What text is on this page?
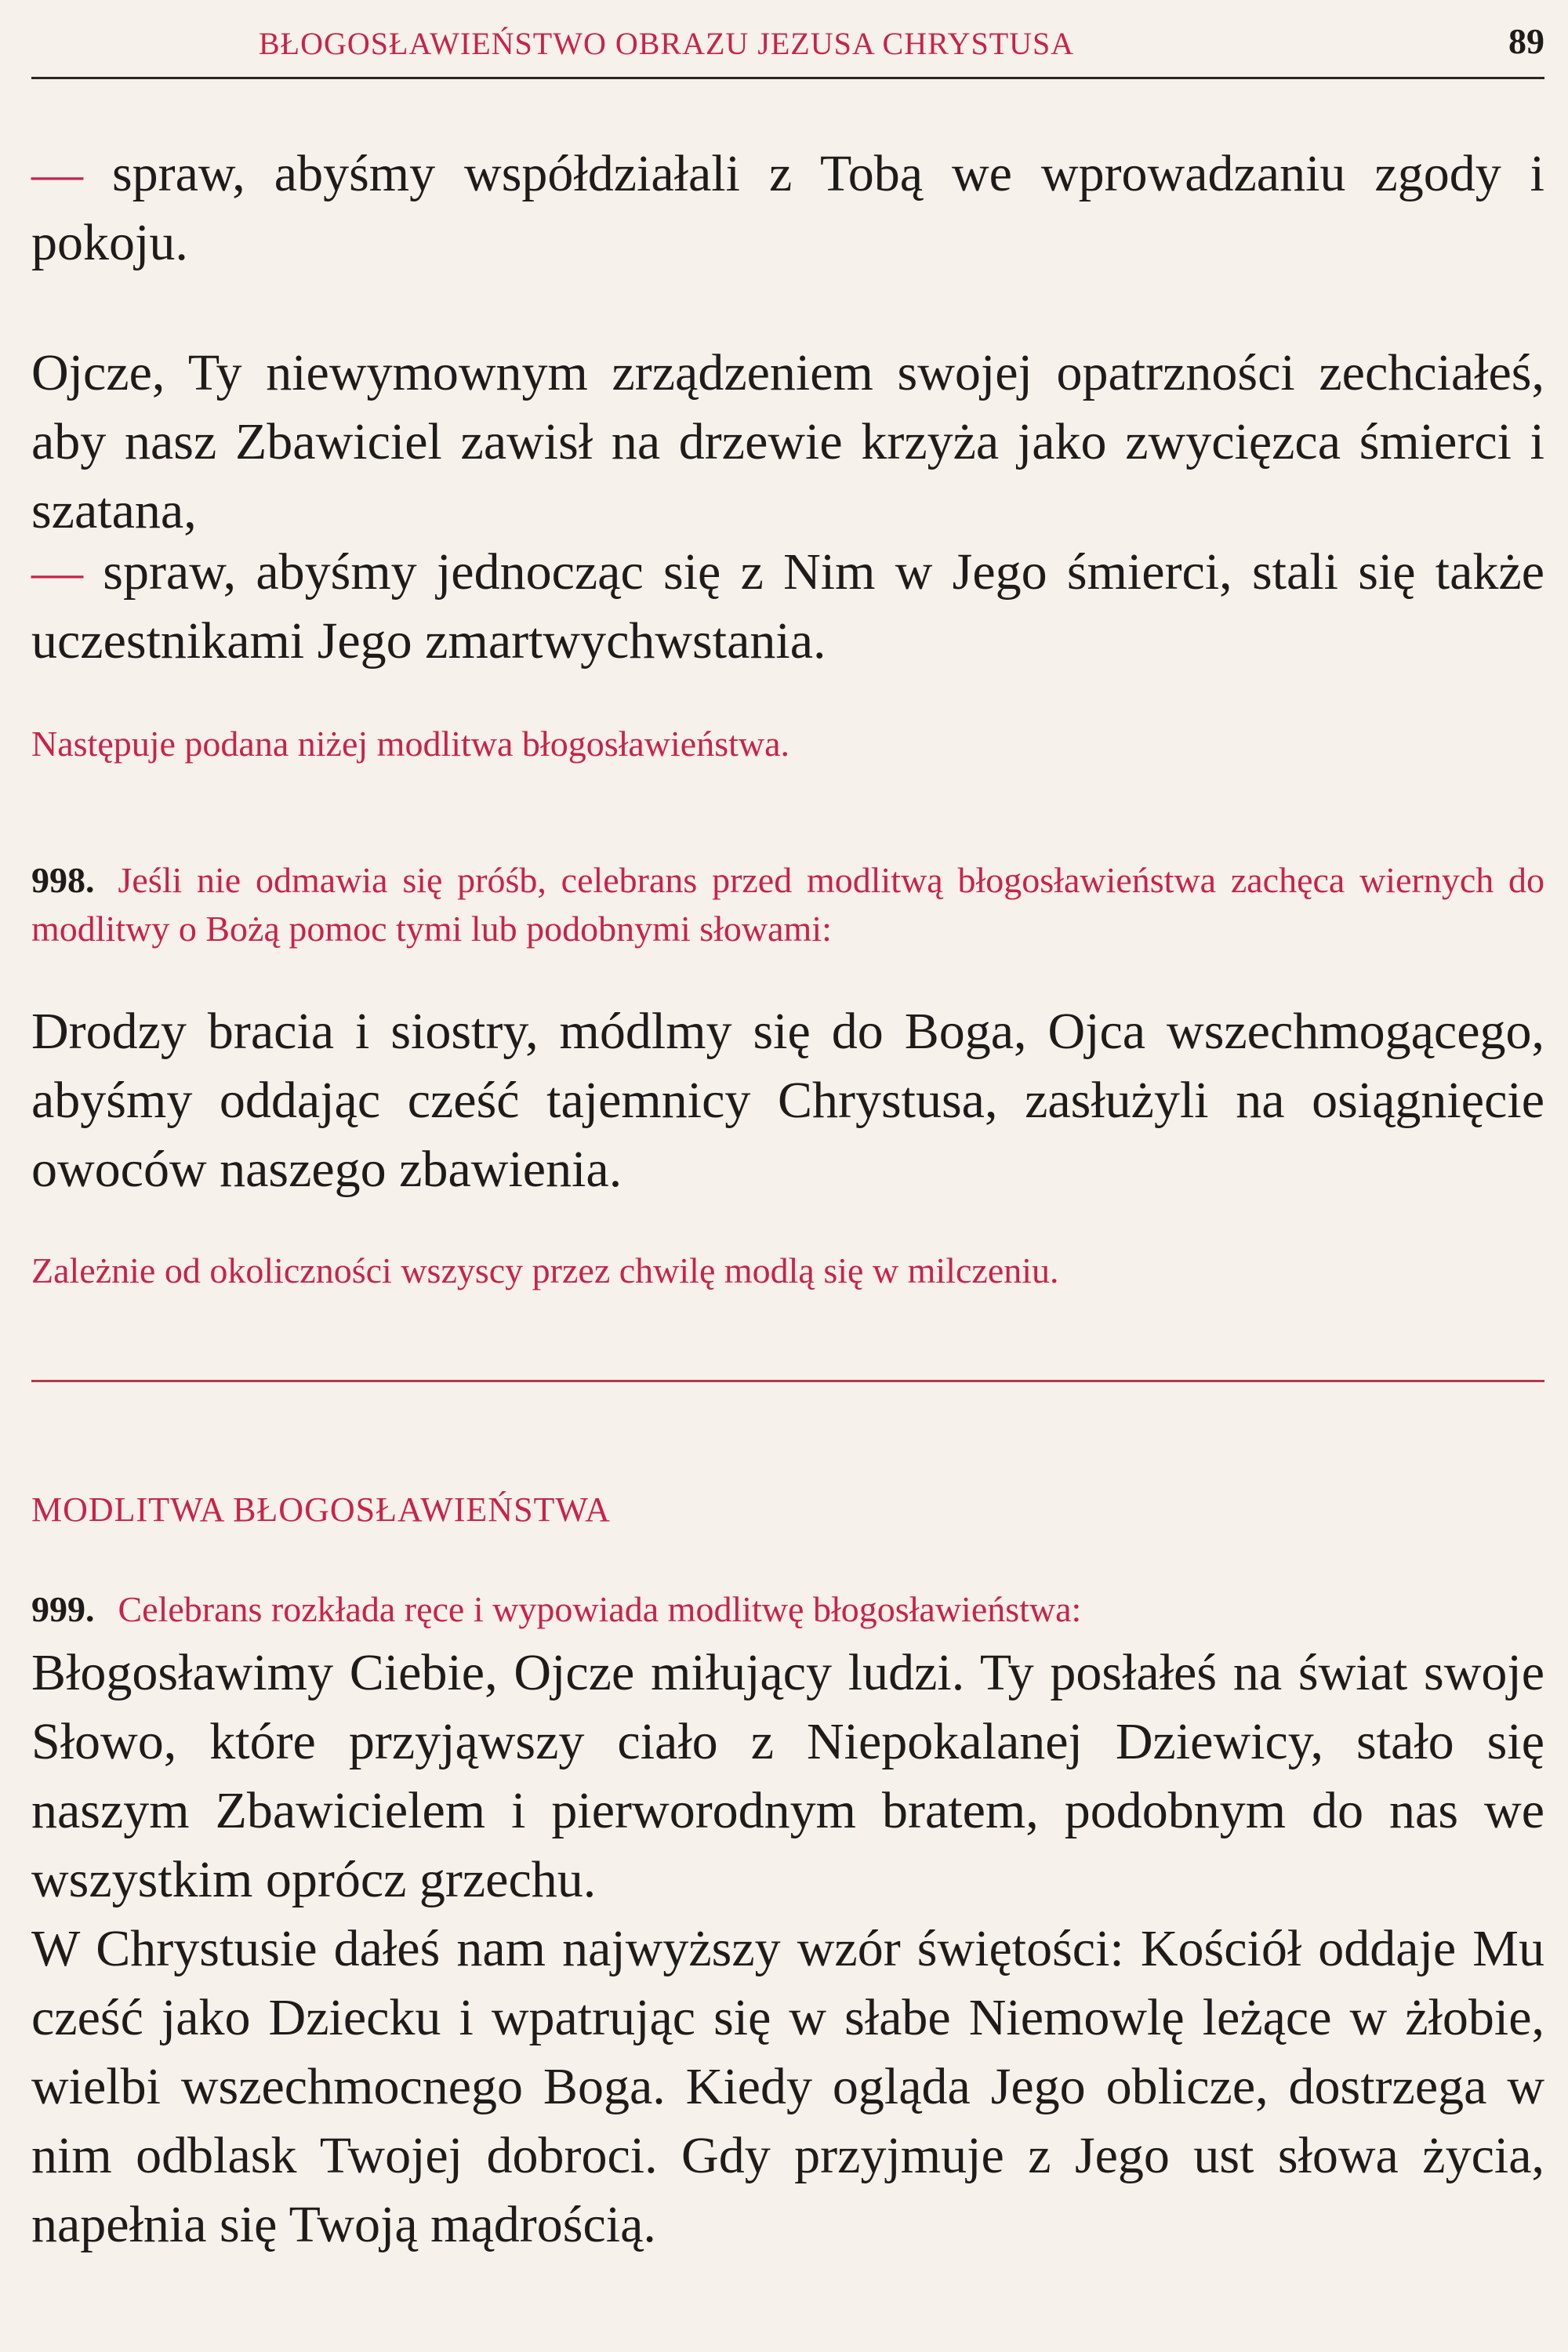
BŁOGOSŁAWIEŃSTWO OBRAZU JEZUSA CHRYSTUSA	89
— spraw, abyśmy współdziałali z Tobą we wprowadzaniu zgody i pokoju.
Ojcze, Ty niewymownym zrządzeniem swojej opatrzności zechciałeś, aby nasz Zbawiciel zawisł na drzewie krzyża jako zwycięzca śmierci i szatana,
— spraw, abyśmy jednocząc się z Nim w Jego śmierci, stali się także uczestnikami Jego zmartwychwstania.
Następuje podana niżej modlitwa błogosławieństwa.
998. Jeśli nie odmawia się próśb, celebrans przed modlitwą błogosławieństwa zachęca wiernych do modlitwy o Bożą pomoc tymi lub podobnymi słowami:
Drodzy bracia i siostry, módlmy się do Boga, Ojca wszechmogącego, abyśmy oddając cześć tajemnicy Chrystusa, zasłużyli na osiągnięcie owoców naszego zbawienia.
Zależnie od okoliczności wszyscy przez chwilę modlą się w milczeniu.
MODLITWA BŁOGOSŁAWIEŃSTWA
999. Celebrans rozkłada ręce i wypowiada modlitwę błogosławieństwa:
Błogosławimy Ciebie, Ojcze miłujący ludzi. Ty posłałeś na świat swoje Słowo, które przyjąwszy ciało z Niepokalanej Dziewicy, stało się naszym Zbawicielem i pierworodnym bratem, podobnym do nas we wszystkim oprócz grzechu.
W Chrystusie dałeś nam najwyższy wzór świętości: Kościół oddaje Mu cześć jako Dziecku i wpatrując się w słabe Niemowlę leżące w żłobie, wielbi wszechmocnego Boga. Kiedy ogląda Jego oblicze, dostrzega w nim odblask Twojej dobroci. Gdy przyjmuje z Jego ust słowa życia, napełnia się Twoją mądrością.
